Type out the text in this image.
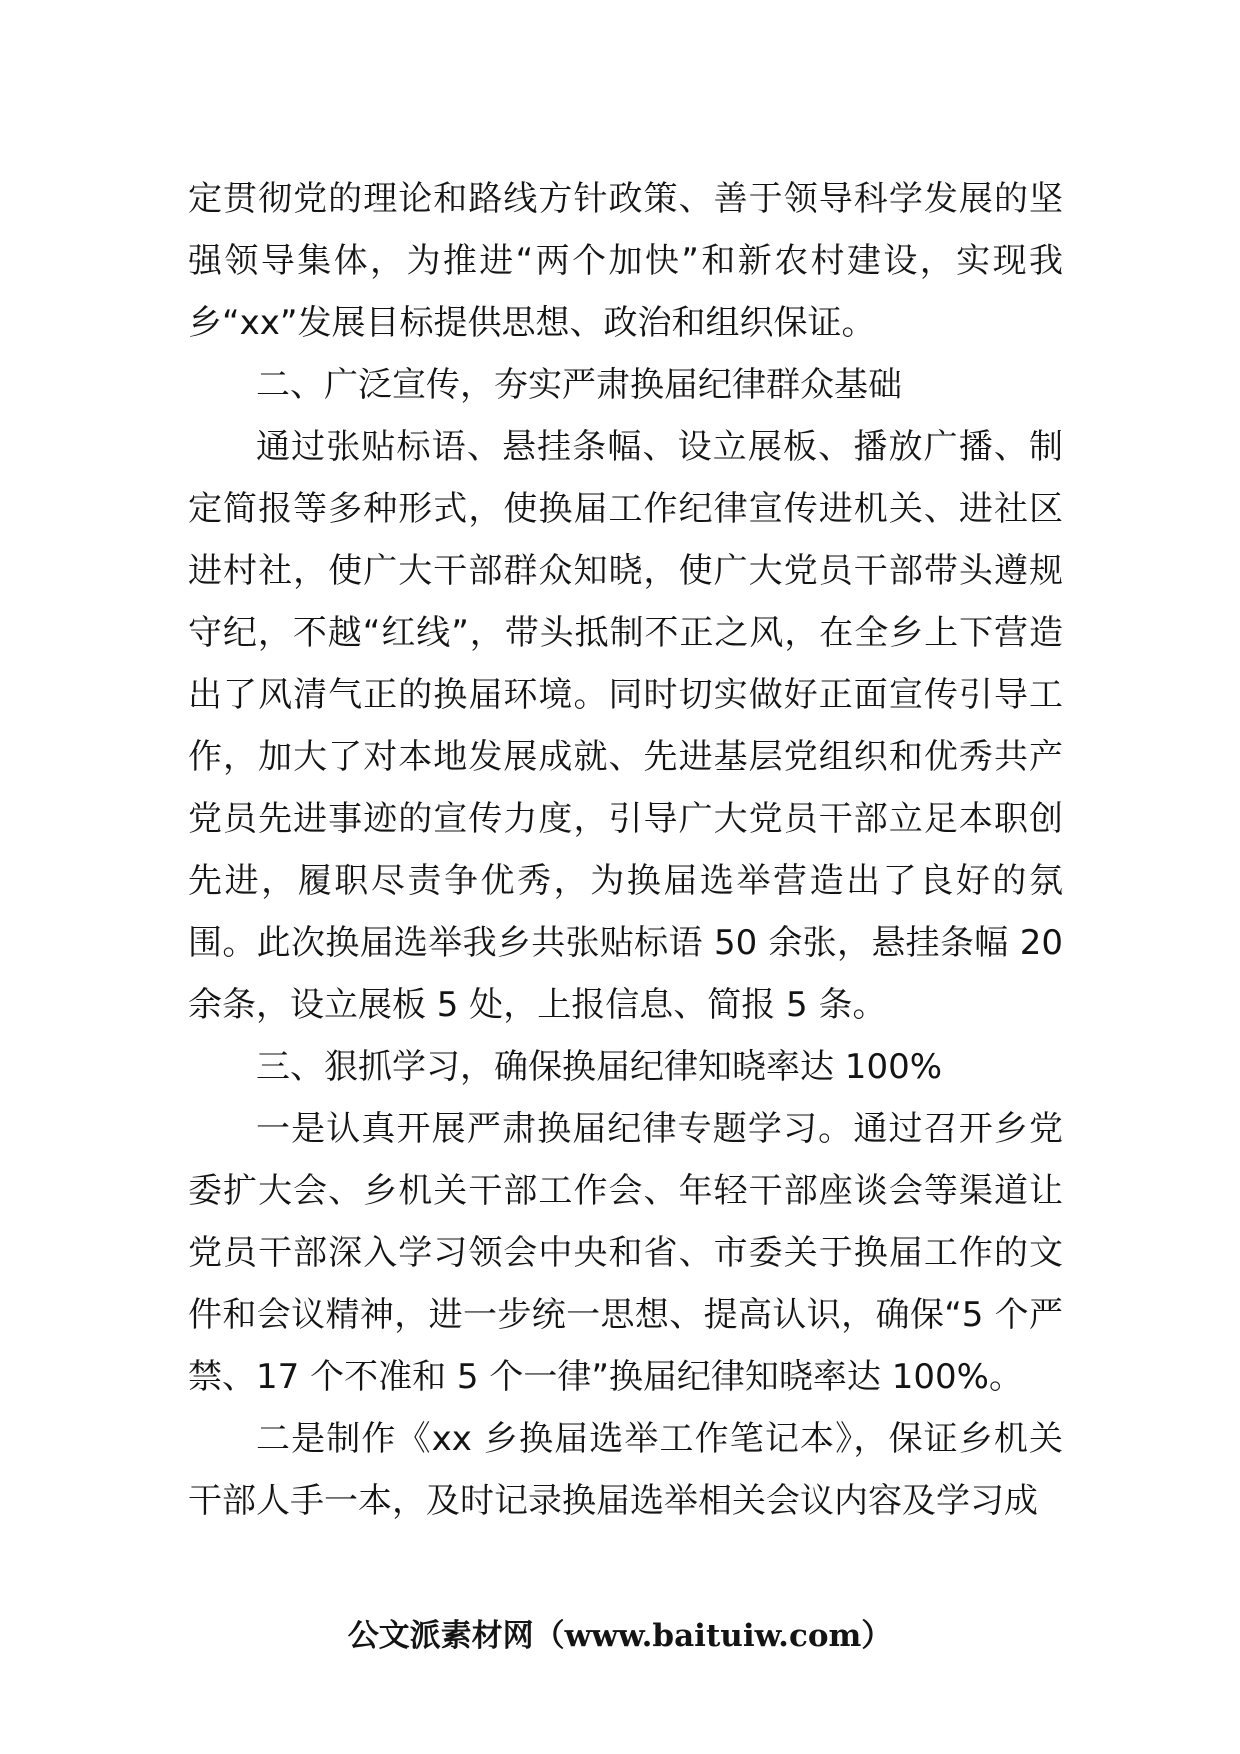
定贯彻党的理论和路线方针政策、善于领导科学发展的坚强领导集体，为推进“两个加快”和新农村建设，实现我乡“xx”发展目标提供思想、政治和组织保证。

二、广泛宣传，夯实严肃换届纪律群众基础

通过张贴标语、悬挂条幅、设立展板、播放广播、制定简报等多种形式，使换届工作纪律宣传进机关、进社区进村社，使广大干部群众知晓，使广大党员干部带头遵规守纪，不越“红线”，带头抵制不正之风，在全乡上下营造出了风清气正的换届环境。同时切实做好正面宣传引导工作，加大了对本地发展成就、先进基层党组织和优秀共产党员先进事迹的宣传力度，引导广大党员干部立足本职创先进，履职尽责争优秀，为换届选举营造出了良好的氛围。此次换届选举我乡共张贴标语 50 余张，悬挂条幅 20 余条，设立展板 5 处，上报信息、简报 5 条。

三、狠抓学习，确保换届纪律知晓率达 100%

一是认真开展严肃换届纪律专题学习。通过召开乡党委扩大会、乡机关干部工作会、年轻干部座谈会等渠道让党员干部深入学习领会中央和省、市委关于换届工作的文件和会议精神，进一步统一思想、提高认识，确保“5 个严禁、17 个不准和 5 个一律”换届纪律知晓率达 100%。

二是制作《xx 乡换届选举工作笔记本》，保证乡机关干部人手一本，及时记录换届选举相关会议内容及学习成

公文派素材网（www.baituiw.com）
